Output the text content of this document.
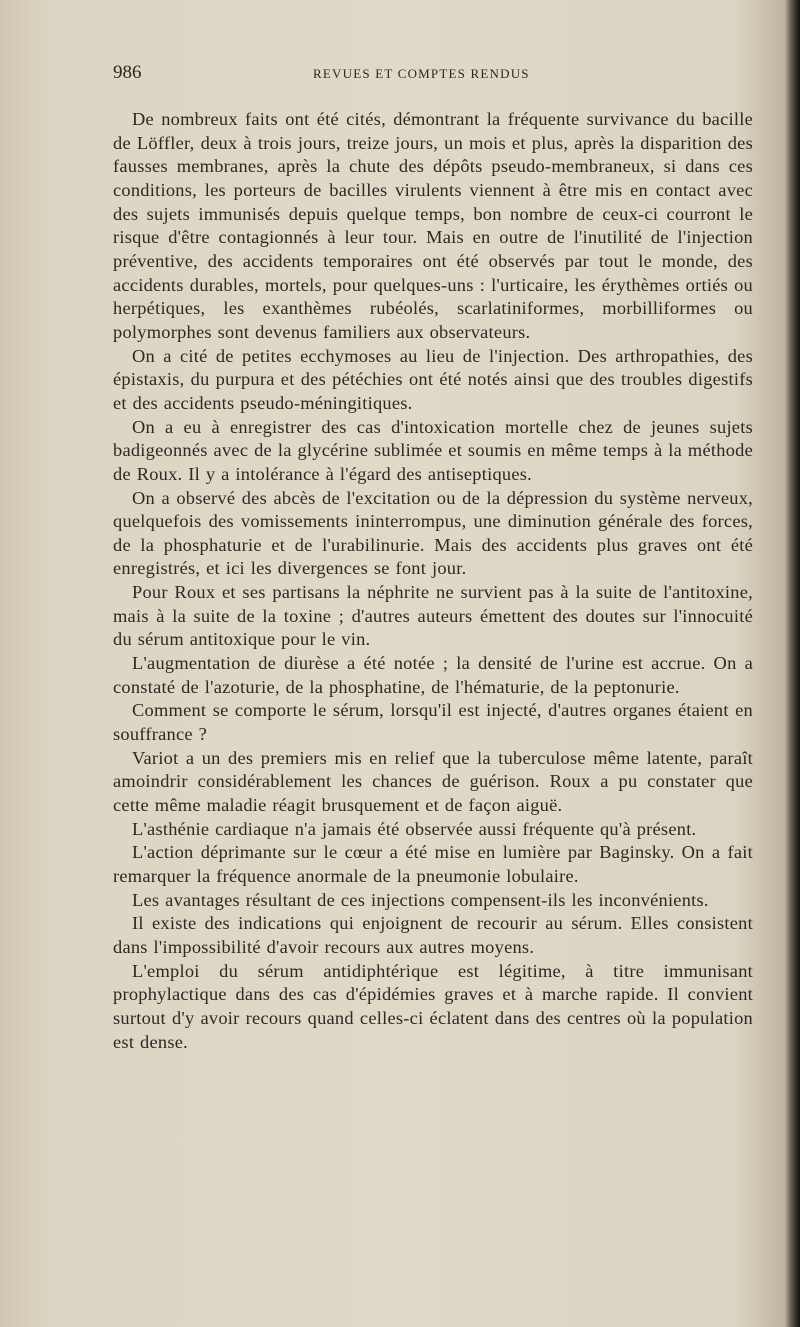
986	REVUES ET COMPTES RENDUS

De nombreux faits ont été cités, démontrant la fréquente survivance du bacille de Löffler, deux à trois jours, treize jours, un mois et plus, après la disparition des fausses membranes, après la chute des dépôts pseudo-membraneux, si dans ces conditions, les porteurs de bacilles virulents viennent à être mis en contact avec des sujets immunisés depuis quelque temps, bon nombre de ceux-ci courront le risque d'être contagionnés à leur tour. Mais en outre de l'inutilité de l'injection préventive, des accidents temporaires ont été observés par tout le monde, des accidents durables, mortels, pour quelques-uns : l'urticaire, les érythèmes ortiés ou herpétiques, les exanthèmes rubéolés, scarlatiniformes, morbilliformes ou polymorphes sont devenus familiers aux observateurs.

On a cité de petites ecchymoses au lieu de l'injection. Des arthropathies, des épistaxis, du purpura et des pétéchies ont été notés ainsi que des troubles digestifs et des accidents pseudo-méningitiques.

On a eu à enregistrer des cas d'intoxication mortelle chez de jeunes sujets badigeonnés avec de la glycérine sublimée et soumis en même temps à la méthode de Roux. Il y a intolérance à l'égard des antiseptiques.

On a observé des abcès de l'excitation ou de la dépression du système nerveux, quelquefois des vomissements ininterrompus, une diminution générale des forces, de la phosphaturie et de l'urabilinurie. Mais des accidents plus graves ont été enregistrés, et ici les divergences se font jour.

Pour Roux et ses partisans la néphrite ne survient pas à la suite de l'antitoxine, mais à la suite de la toxine ; d'autres auteurs émettent des doutes sur l'innocuité du sérum antitoxique pour le vin.

L'augmentation de diurèse a été notée ; la densité de l'urine est accrue. On a constaté de l'azoturie, de la phosphatine, de l'hématurie, de la peptonurie.

Comment se comporte le sérum, lorsqu'il est injecté, d'autres organes étaient en souffrance ?

Variot a un des premiers mis en relief que la tuberculose même latente, paraît amoindrir considérablement les chances de guérison. Roux a pu constater que cette même maladie réagit brusquement et de façon aiguë.

L'asthénie cardiaque n'a jamais été observée aussi fréquente qu'à présent.

L'action déprimante sur le cœur a été mise en lumière par Baginsky. On a fait remarquer la fréquence anormale de la pneumonie lobulaire.

Les avantages résultant de ces injections compensent-ils les inconvénients.

Il existe des indications qui enjoignent de recourir au sérum. Elles consistent dans l'impossibilité d'avoir recours aux autres moyens.

L'emploi du sérum antidiphtérique est légitime, à titre immunisant prophylactique dans des cas d'épidémies graves et à marche rapide. Il convient surtout d'y avoir recours quand celles-ci éclatent dans des centres où la population est dense.
